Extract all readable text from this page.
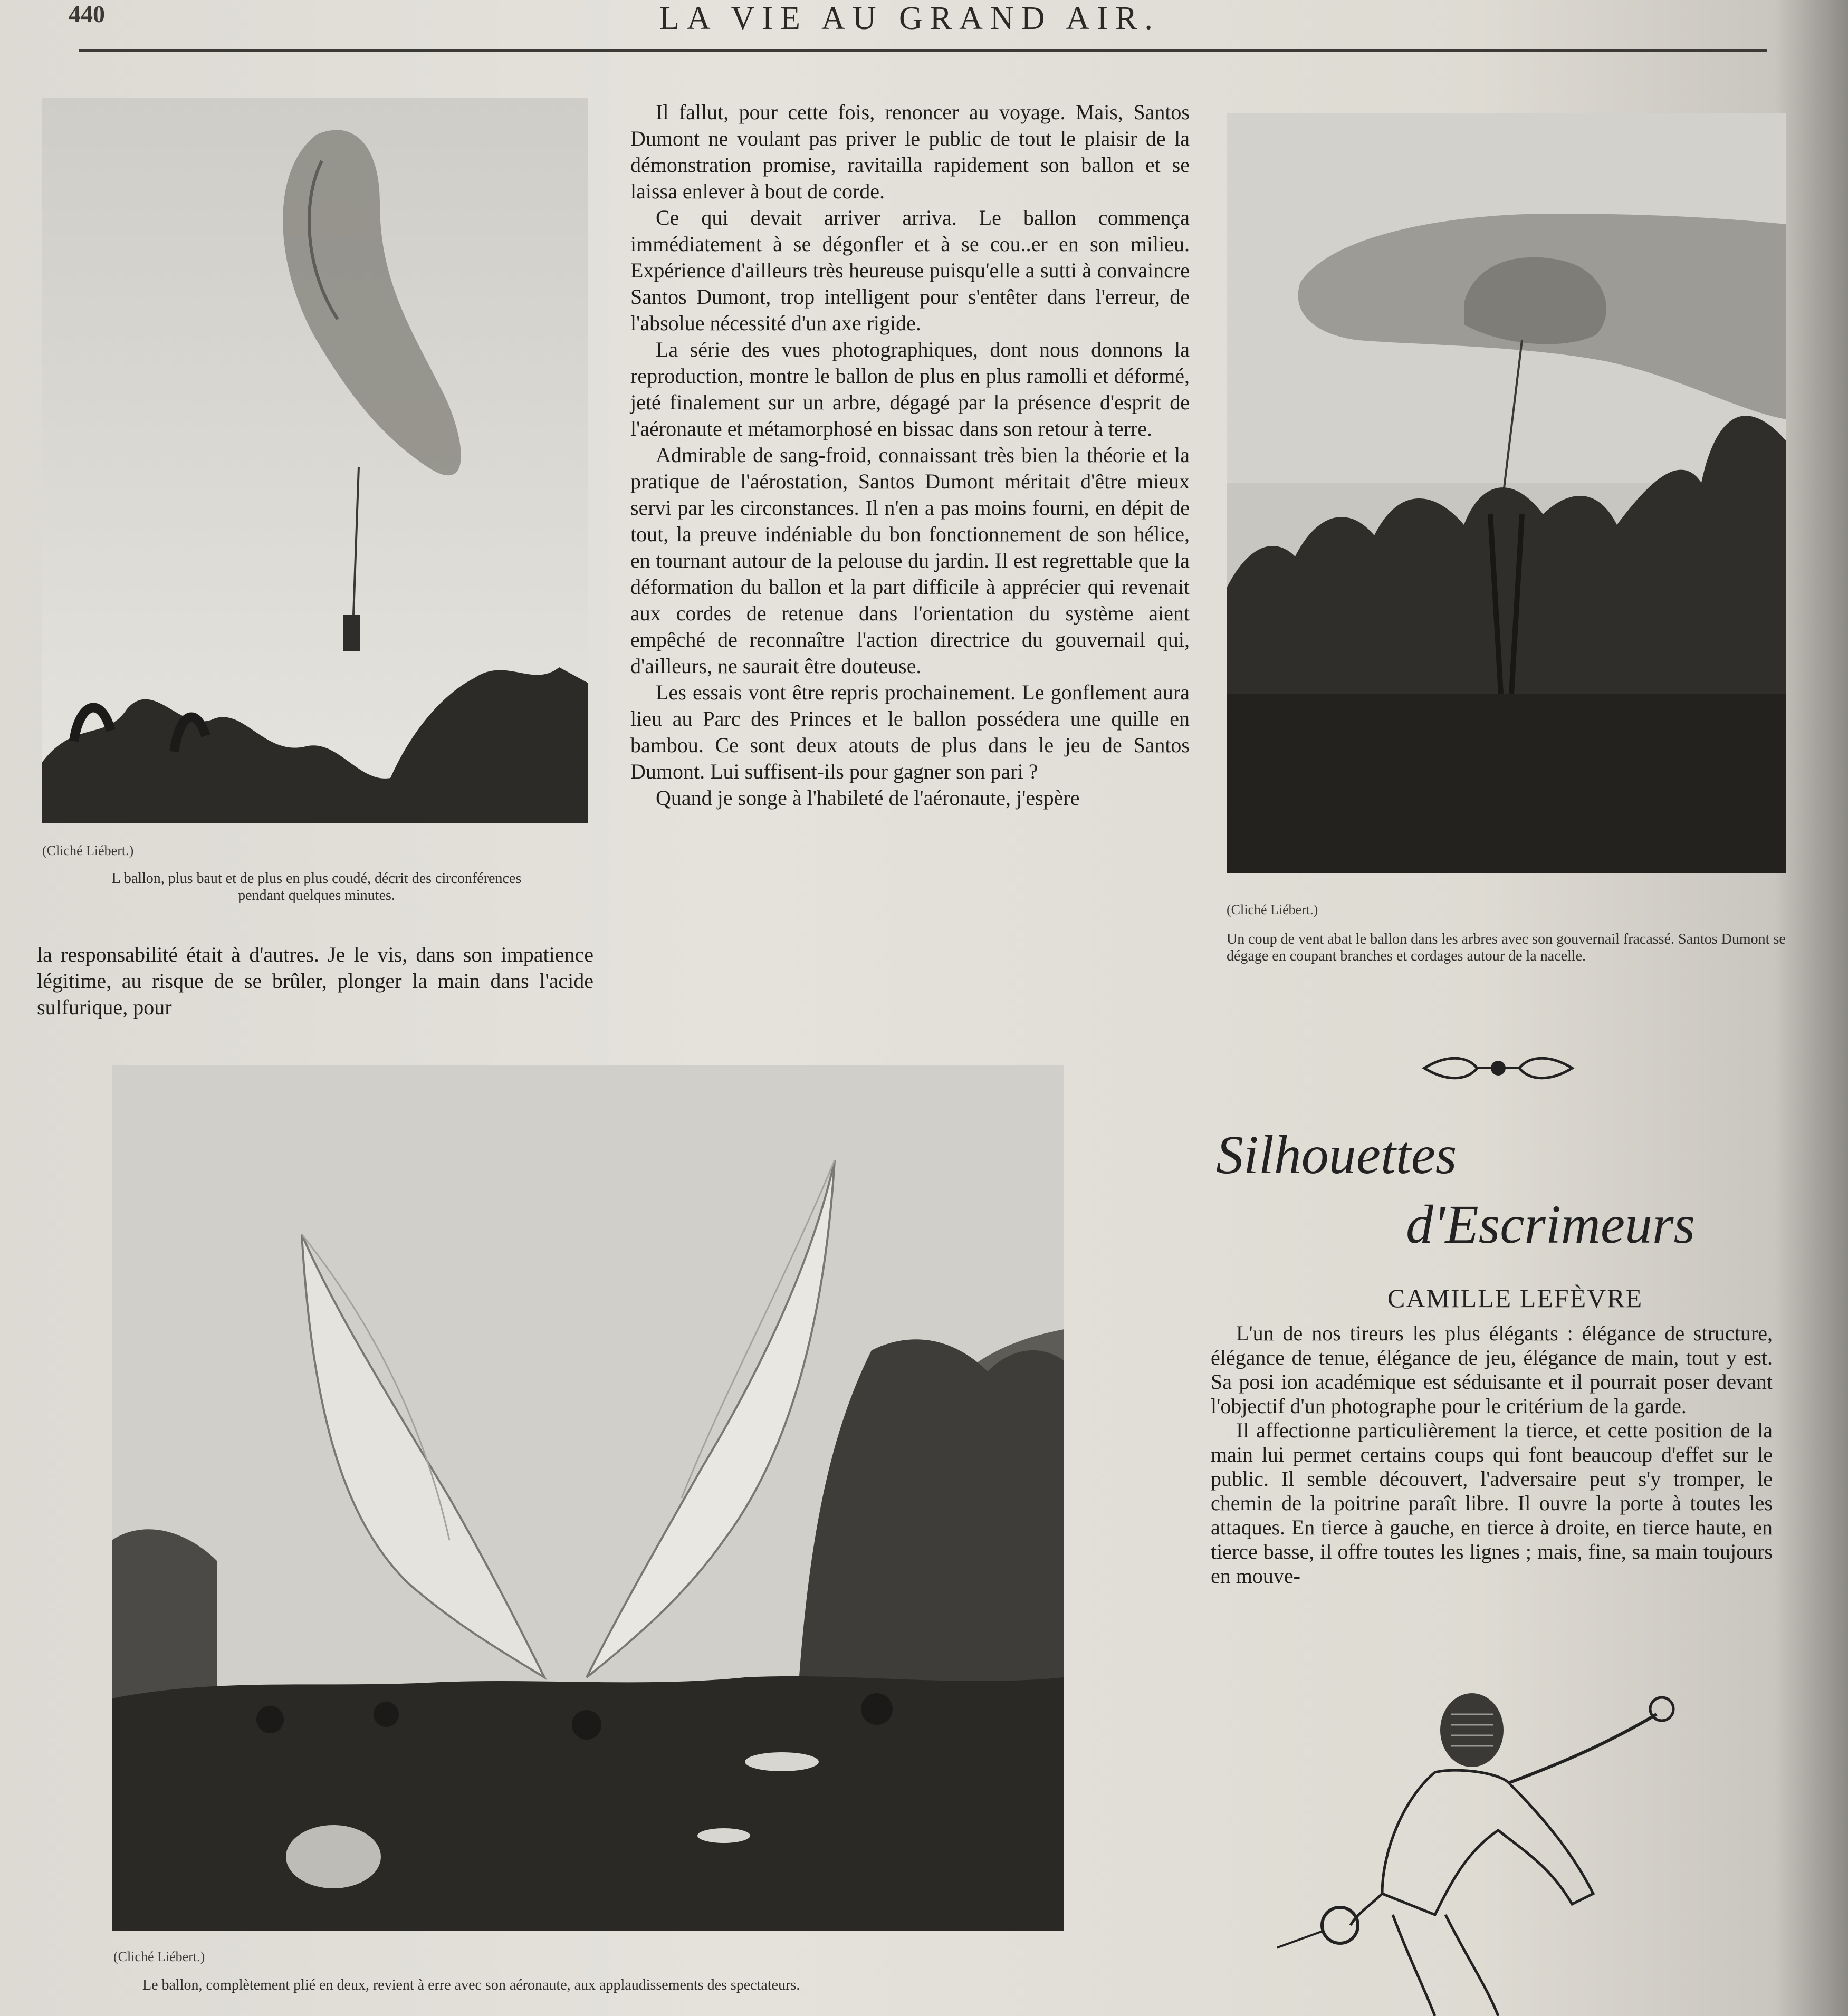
440	LA VIE AU GRAND AIR.
(Cliché Liébert.)
L ballon, plus baut et de plus en plus coudé, décrit des circonférences pendant quelques minutes.

la responsabilité était à d'autres. Je le vis, dans son impatience légitime, au risque de se brûler, plonger la main dans l'acide sulfurique, pour

Il fallut, pour cette fois, renoncer au voyage. Mais, Santos Dumont ne voulant pas priver le public de tout le plaisir de la démonstration promise, ravitailla rapidement son ballon et se laissa enlever à bout de corde.

Ce qui devait arriver arriva. Le ballon commença immédiatement à se dégonfler et à se cou..er en son milieu. Expérience d'ailleurs très heureuse puisqu'elle a sutti à convaincre Santos Dumont, trop intelligent pour s'entêter dans l'erreur, de l'absolue nécessité d'un axe rigide.

La série des vues photographiques, dont nous donnons la reproduction, montre le ballon de plus en plus ramolli et déformé, jeté finalement sur un arbre, dégagé par la présence d'esprit de l'aéronaute et métamorphosé en bissac dans son retour à terre.

Admirable de sang-froid, connaissant très bien la théorie et la pratique de l'aérostation, Santos Dumont méritait d'être mieux servi par les circonstances. Il n'en a pas moins fourni, en dépit de tout, la preuve indéniable du bon fonctionnement de son hélice, en tournant autour de la pelouse du jardin. Il est regrettable que la déformation du ballon et la part difficile à apprécier qui revenait aux cordes de retenue dans l'orientation du système aient empêché de reconnaître l'action directrice du gouvernail qui, d'ailleurs, ne saurait être douteuse.

Les essais vont être repris prochainement. Le gonflement aura lieu au Parc des Princes et le ballon possédera une quille en bambou. Ce sont deux atouts de plus dans le jeu de Santos Dumont. Lui suffisent-ils pour gagner son pari ?

Quand je songe à l'habileté de l'aéronaute, j'espère

(Cliché Liébert.)
Un coup de vent abat le ballon dans les arbres avec son gouvernail fracassé. Santos Dumont se dégage en coupant branches et cordages autour de la nacelle.
(Cliché Liébert.)
Le ballon, complètement plié en deux, revient à erre avec son aéronaute, aux applaudissements des spectateurs.
Silhouettes
d'Escrimeurs
CAMILLE LEFÈVRE

L'un de nos tireurs les plus élégants : élégance de structure, élégance de tenue, élégance de jeu, élégance de main, tout y est. Sa posi ion académique est séduisante et il pourrait poser devant l'objectif d'un photographe pour le critérium de la garde.

Il affectionne particulièrement la tierce, et cette position de la main lui permet certains coups qui font beaucoup d'effet sur le public. Il semble découvert, l'adversaire peut s'y tromper, le chemin de la poitrine paraît libre. Il ouvre la porte à toutes les attaques. En tierce à gauche, en tierce à droite, en tierce haute, en tierce basse, il offre toutes les lignes ; mais, fine, sa main toujours en mouve-
